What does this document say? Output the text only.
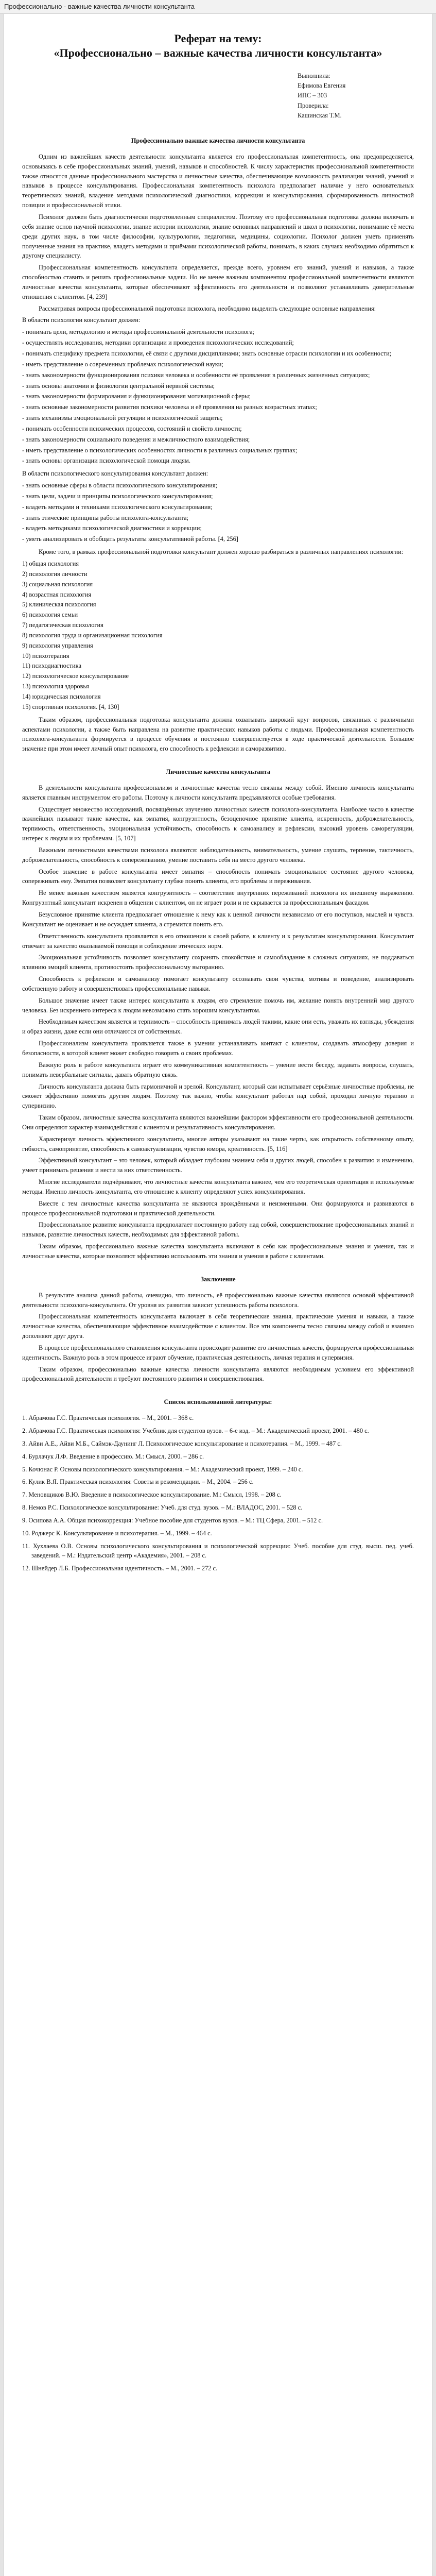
Профессионально - важные качества личности консультанта
Реферат на тему:
«Профессионально – важные качества личности консультанта»
Выполнила:
Ефимова Евгения
ИПС – 303
Проверила:
Кашинская Т.М.
Профессионально важные качества личности консультанта

Одним из важнейших качеств деятельности консультанта является его профессиональная компетентность, она предопределяется, основываясь в себе профессиональных знаний, умений, навыков и способностей. К числу характеристик профессиональной компетентности также относятся данные профессионального мастерства и личностные качества, обеспечивающие возможность реализации знаний, умений и навыков в процессе консультирования. Профессиональная компетентность психолога предполагает наличие у него основательных теоретических знаний, владение методами психологической диагностики, коррекции и консультирования, сформированность личностной позиции и профессиональной этики.

Психолог должен быть диагностически подготовленным специалистом. Поэтому его профессиональная подготовка должна включать в себя знание основ научной психологии, знание истории психологии, знание основных направлений и школ в психологии, понимание её места среди других наук, в том числе философии, культурологии, педагогики, медицины, социологии. Психолог должен уметь применять полученные знания на практике, владеть методами и приёмами психологической работы, понимать, в каких случаях необходимо обратиться к другому специалисту.

Профессиональная компетентность консультанта определяется, прежде всего, уровнем его знаний, умений и навыков, а также способностью ставить и решать профессиональные задачи. Но не менее важным компонентом профессиональной компетентности являются личностные качества консультанта, которые обеспечивают эффективность его деятельности и позволяют устанавливать доверительные отношения с клиентом. [4, 239]

Рассматривая вопросы профессиональной подготовки психолога, необходимо выделить следующие основные направления:

В области психологии консультант должен:

- понимать цели, методологию и методы профессиональной деятельности психолога;
- осуществлять исследования, методики организации и проведения психологических исследований;
- понимать специфику предмета психологии, её связи с другими дисциплинами; знать основные отрасли психологии и их особенности;
- иметь представление о современных проблемах психологической науки;
- знать закономерности функционирования психики человека и особенности её проявления в различных жизненных ситуациях;
- знать основы анатомии и физиологии центральной нервной системы;
- знать закономерности формирования и функционирования мотивационной сферы;
- знать основные закономерности развития психики человека и её проявления на разных возрастных этапах;
- знать механизмы эмоциональной регуляции и психологической защиты;
- понимать особенности психических процессов, состояний и свойств личности;
- знать закономерности социального поведения и межличностного взаимодействия;
- иметь представление о психологических особенностях личности в различных социальных группах;
- знать основы организации психологической помощи людям.

В области психологического консультирования консультант должен:

- знать основные сферы в области психологического консультирования;
- знать цели, задачи и принципы психологического консультирования;
- владеть методами и техниками психологического консультирования;
- знать этические принципы работы психолога-консультанта;
- владеть методиками психологической диагностики и коррекции;
- уметь анализировать и обобщать результаты консультативной работы. [4, 256]

Кроме того, в рамках профессиональной подготовки консультант должен хорошо разбираться в различных направлениях психологии:

1) общая психология
2) психология личности
3) социальная психология
4) возрастная психология
5) клиническая психология
6) психология семьи
7) педагогическая психология
8) психология труда и организационная психология
9) психология управления
10) психотерапия
11) психодиагностика
12) психологическое консультирование
13) психология здоровья
14) юридическая психология
15) спортивная психология. [4, 130]

Таким образом, профессиональная подготовка консультанта должна охватывать широкий круг вопросов, связанных с различными аспектами психологии, а также быть направлена на развитие практических навыков работы с людьми. Профессиональная компетентность психолога-консультанта формируется в процессе обучения и постоянно совершенствуется в ходе практической деятельности. Большое значение при этом имеет личный опыт психолога, его способность к рефлексии и саморазвитию.

Личностные качества консультанта

В деятельности консультанта профессионализм и личностные качества тесно связаны между собой. Именно личность консультанта является главным инструментом его работы. Поэтому к личности консультанта предъявляются особые требования.

Существует множество исследований, посвящённых изучению личностных качеств психолога-консультанта. Наиболее часто в качестве важнейших называют такие качества, как эмпатия, конгруэнтность, безоценочное принятие клиента, искренность, доброжелательность, терпимость, ответственность, эмоциональная устойчивость, способность к самоанализу и рефлексии, высокий уровень саморегуляции, интерес к людям и их проблемам. [5, 107]

Важными личностными качествами психолога являются: наблюдательность, внимательность, умение слушать, терпение, тактичность, доброжелательность, способность к сопереживанию, умение поставить себя на место другого человека.

Особое значение в работе консультанта имеет эмпатия – способность понимать эмоциональное состояние другого человека, сопереживать ему. Эмпатия позволяет консультанту глубже понять клиента, его проблемы и переживания.

Не менее важным качеством является конгруэнтность – соответствие внутренних переживаний психолога их внешнему выражению. Конгруэнтный консультант искренен в общении с клиентом, он не играет роли и не скрывается за профессиональным фасадом.

Безусловное принятие клиента предполагает отношение к нему как к ценной личности независимо от его поступков, мыслей и чувств. Консультант не оценивает и не осуждает клиента, а стремится понять его.

Ответственность консультанта проявляется в его отношении к своей работе, к клиенту и к результатам консультирования. Консультант отвечает за качество оказываемой помощи и соблюдение этических норм.

Эмоциональная устойчивость позволяет консультанту сохранять спокойствие и самообладание в сложных ситуациях, не поддаваться влиянию эмоций клиента, противостоять профессиональному выгоранию.

Способность к рефлексии и самоанализу помогает консультанту осознавать свои чувства, мотивы и поведение, анализировать собственную работу и совершенствовать профессиональные навыки.

Большое значение имеет также интерес консультанта к людям, его стремление помочь им, желание понять внутренний мир другого человека. Без искреннего интереса к людям невозможно стать хорошим консультантом.

Необходимым качеством является и терпимость – способность принимать людей такими, какие они есть, уважать их взгляды, убеждения и образ жизни, даже если они отличаются от собственных.

Профессионализм консультанта проявляется также в умении устанавливать контакт с клиентом, создавать атмосферу доверия и безопасности, в которой клиент может свободно говорить о своих проблемах.

Важную роль в работе консультанта играет его коммуникативная компетентность – умение вести беседу, задавать вопросы, слушать, понимать невербальные сигналы, давать обратную связь.

Личность консультанта должна быть гармоничной и зрелой. Консультант, который сам испытывает серьёзные личностные проблемы, не сможет эффективно помогать другим людям. Поэтому так важно, чтобы консультант работал над собой, проходил личную терапию и супервизию.

Таким образом, личностные качества консультанта являются важнейшим фактором эффективности его профессиональной деятельности. Они определяют характер взаимодействия с клиентом и результативность консультирования.

Характеризуя личность эффективного консультанта, многие авторы указывают на такие черты, как открытость собственному опыту, гибкость, самопринятие, способность к самоактуализации, чувство юмора, креативность. [5, 116]

Эффективный консультант – это человек, который обладает глубоким знанием себя и других людей, способен к развитию и изменению, умеет принимать решения и нести за них ответственность.

Многие исследователи подчёркивают, что личностные качества консультанта важнее, чем его теоретическая ориентация и используемые методы. Именно личность консультанта, его отношение к клиенту определяют успех консультирования.

Вместе с тем личностные качества консультанта не являются врождёнными и неизменными. Они формируются и развиваются в процессе профессиональной подготовки и практической деятельности.

Профессиональное развитие консультанта предполагает постоянную работу над собой, совершенствование профессиональных знаний и навыков, развитие личностных качеств, необходимых для эффективной работы.

Таким образом, профессионально важные качества консультанта включают в себя как профессиональные знания и умения, так и личностные качества, которые позволяют эффективно использовать эти знания и умения в работе с клиентами.

Заключение

В результате анализа данной работы, очевидно, что личность, её профессионально важные качества являются основой эффективной деятельности психолога-консультанта. От уровня их развития зависит успешность работы психолога.

Профессиональная компетентность консультанта включает в себя теоретические знания, практические умения и навыки, а также личностные качества, обеспечивающие эффективное взаимодействие с клиентом. Все эти компоненты тесно связаны между собой и взаимно дополняют друг друга.

В процессе профессионального становления консультанта происходит развитие его личностных качеств, формируется профессиональная идентичность. Важную роль в этом процессе играют обучение, практическая деятельность, личная терапия и супервизия.

Таким образом, профессионально важные качества личности консультанта являются необходимым условием его эффективной профессиональной деятельности и требуют постоянного развития и совершенствования.

Список использованной литературы:
1. Абрамова Г.С. Практическая психология. – М., 2001. – 368 с.
2. Абрамова Г.С. Практическая психология: Учебник для студентов вузов. – 6-е изд. – М.: Академический проект, 2001. – 480 с.
3. Айви А.Е., Айви М.Б., Саймэк-Даунинг Л. Психологическое консультирование и психотерапия. – М., 1999. – 487 с.
4. Бурлачук Л.Ф. Введение в профессию. М.: Смысл, 2000. – 286 с.
5. Кочюнас Р. Основы психологического консультирования. – М.: Академический проект, 1999. – 240 с.
6. Кулик В.Я. Практическая психология: Советы и рекомендации. – М., 2004. – 256 с.
7. Меновщиков В.Ю. Введение в психологическое консультирование. М.: Смысл, 1998. – 208 с.
8. Немов Р.С. Психологическое консультирование: Учеб. для студ. вузов. – М.: ВЛАДОС, 2001. – 528 с.
9. Осипова А.А. Общая психокоррекция: Учебное пособие для студентов вузов. – М.: ТЦ Сфера, 2001. – 512 с.
10. Роджерс К. Консультирование и психотерапия. – М., 1999. – 464 с.
11. Хухлаева О.В. Основы психологического консультирования и психологической коррекции: Учеб. пособие для студ. высш. пед. учеб. заведений. – М.: Издательский центр «Академия», 2001. – 208 с.
12. Шнейдер Л.Б. Профессиональная идентичность. – М., 2001. – 272 с.
